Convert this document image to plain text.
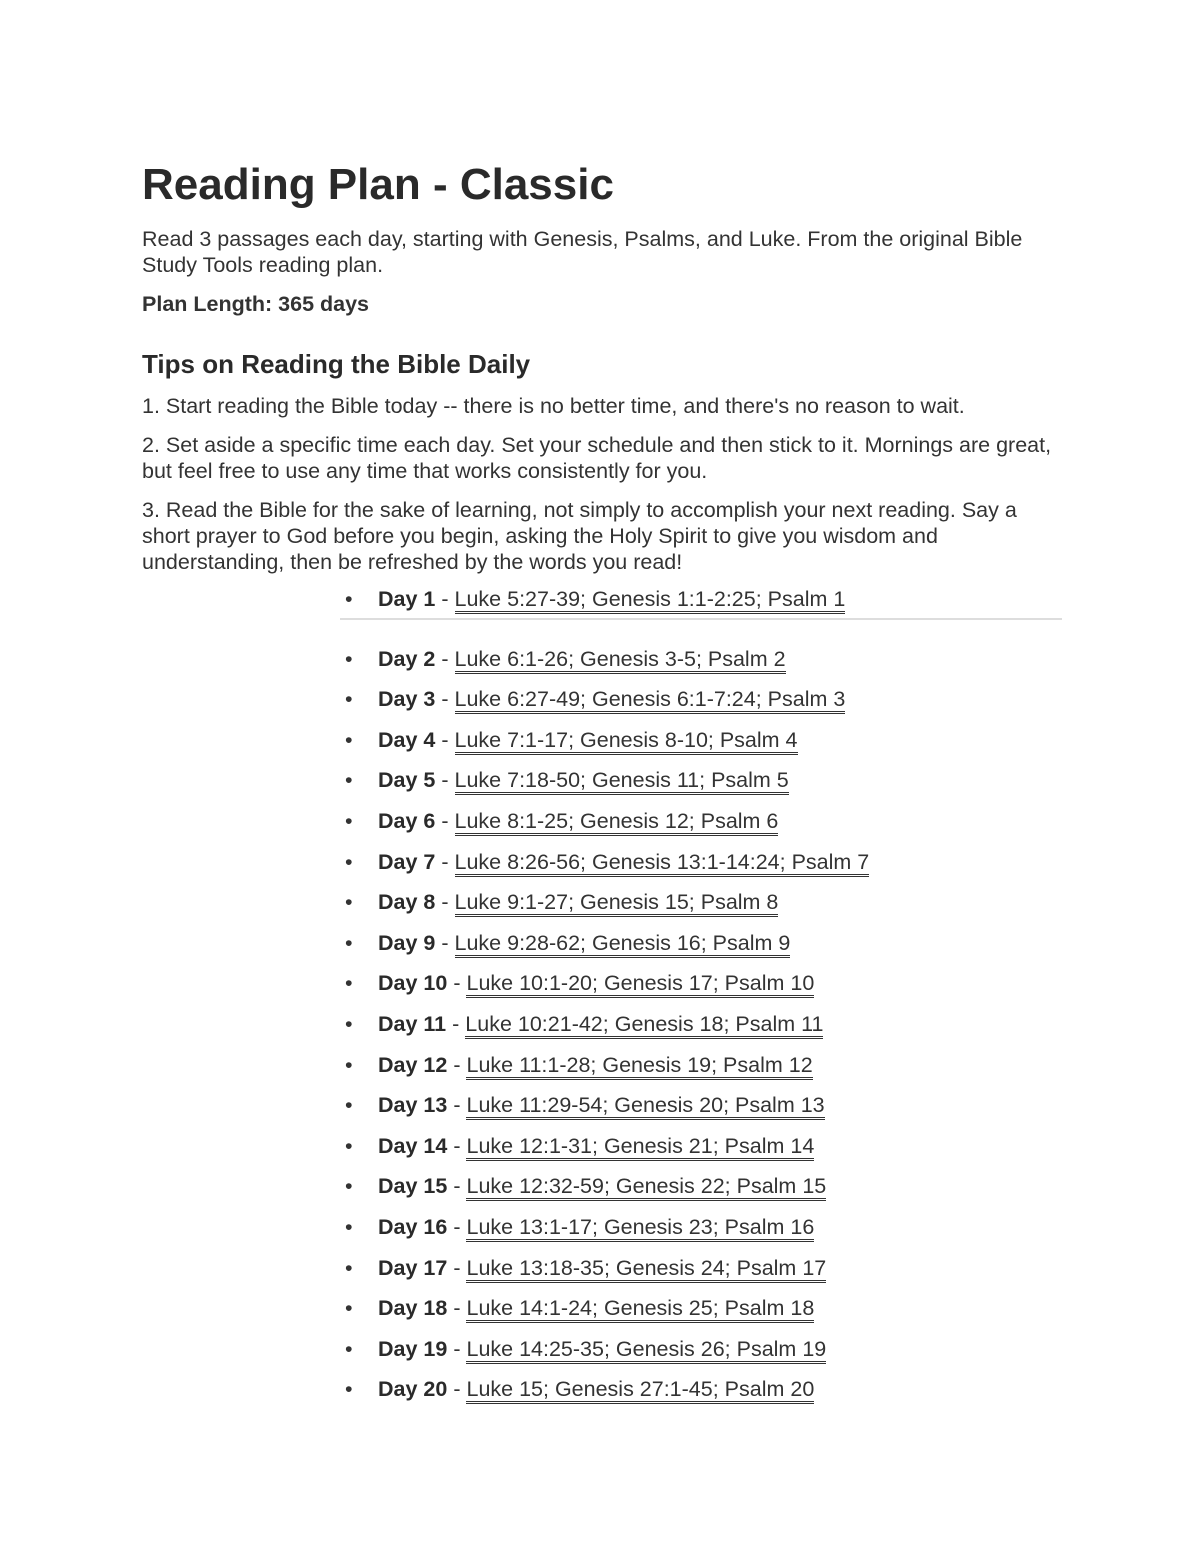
Reading Plan - Classic

Read 3 passages each day, starting with Genesis, Psalms, and Luke. From the original Bible Study Tools reading plan.

Plan Length: 365 days

Tips on Reading the Bible Daily

1. Start reading the Bible today -- there is no better time, and there's no reason to wait.

2. Set aside a specific time each day. Set your schedule and then stick to it. Mornings are great, but feel free to use any time that works consistently for you.

3. Read the Bible for the sake of learning, not simply to accomplish your next reading. Say a short prayer to God before you begin, asking the Holy Spirit to give you wisdom and understanding, then be refreshed by the words you read!

• Day 1 - Luke 5:27-39; Genesis 1:1-2:25; Psalm 1
• Day 2 - Luke 6:1-26; Genesis 3-5; Psalm 2
• Day 3 - Luke 6:27-49; Genesis 6:1-7:24; Psalm 3
• Day 4 - Luke 7:1-17; Genesis 8-10; Psalm 4
• Day 5 - Luke 7:18-50; Genesis 11; Psalm 5
• Day 6 - Luke 8:1-25; Genesis 12; Psalm 6
• Day 7 - Luke 8:26-56; Genesis 13:1-14:24; Psalm 7
• Day 8 - Luke 9:1-27; Genesis 15; Psalm 8
• Day 9 - Luke 9:28-62; Genesis 16; Psalm 9
• Day 10 - Luke 10:1-20; Genesis 17; Psalm 10
• Day 11 - Luke 10:21-42; Genesis 18; Psalm 11
• Day 12 - Luke 11:1-28; Genesis 19; Psalm 12
• Day 13 - Luke 11:29-54; Genesis 20; Psalm 13
• Day 14 - Luke 12:1-31; Genesis 21; Psalm 14
• Day 15 - Luke 12:32-59; Genesis 22; Psalm 15
• Day 16 - Luke 13:1-17; Genesis 23; Psalm 16
• Day 17 - Luke 13:18-35; Genesis 24; Psalm 17
• Day 18 - Luke 14:1-24; Genesis 25; Psalm 18
• Day 19 - Luke 14:25-35; Genesis 26; Psalm 19
• Day 20 - Luke 15; Genesis 27:1-45; Psalm 20
